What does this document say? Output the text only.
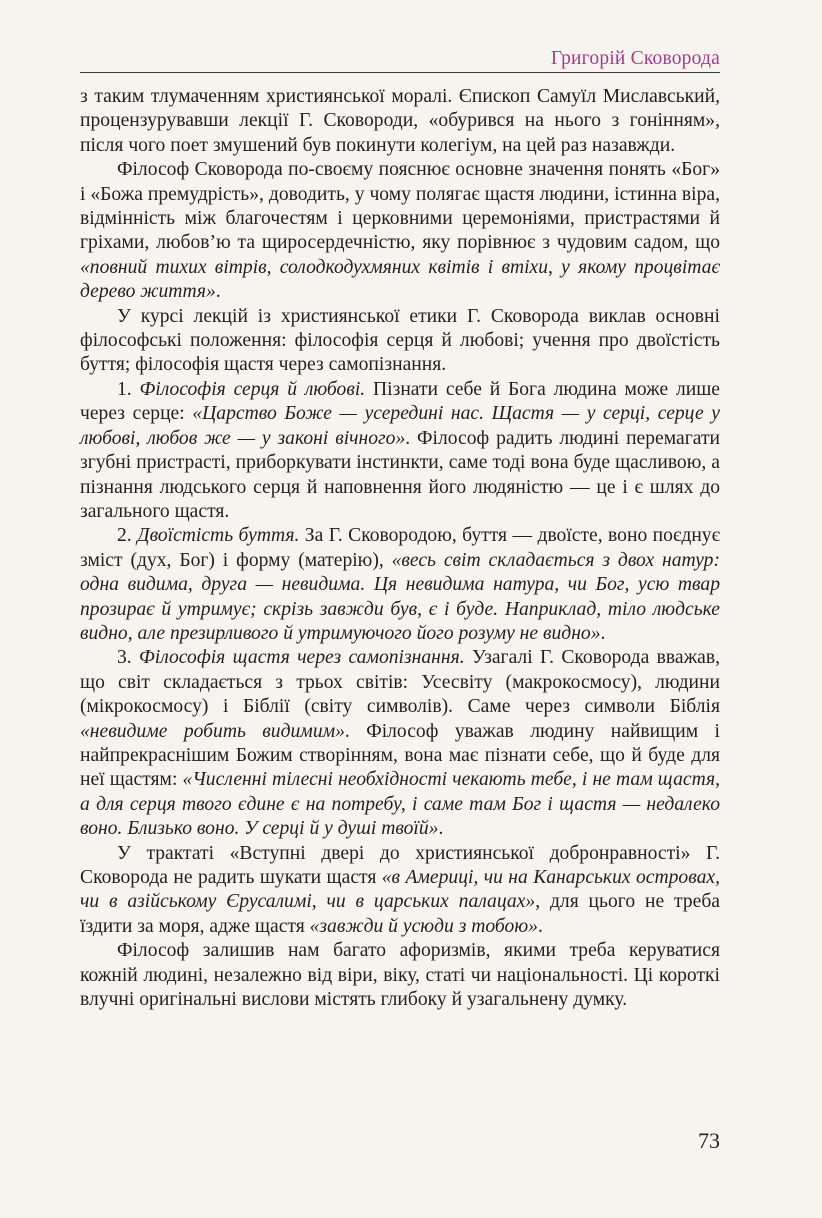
Григорій Сковорода

з таким тлумаченням християнської моралі. Єпископ Самуїл Миславський, процензурувавши лекції Г. Сковороди, «обурився на нього з гонінням», після чого поет змушений був покинути колегіум, на цей раз назавжди.

Філософ Сковорода по-своєму пояснює основне значення понять «Бог» і «Божа премудрість», доводить, у чому полягає щастя людини, істинна віра, відмінність між благочестям і церковними церемоніями, пристрастями й гріхами, любов’ю та щиросердечністю, яку порівнює з чудовим садом, що «повний тихих вітрів, солодкодухмяних квітів і втіхи, у якому процвітає дерево життя».

У курсі лекцій із християнської етики Г. Сковорода виклав основні філософські положення: філософія серця й любові; учення про двоїстість буття; філософія щастя через самопізнання.

1. Філософія серця й любові. Пізнати себе й Бога людина може лише через серце: «Царство Боже — усередині нас. Щастя — у серці, серце у любові, любов же — у законі вічного». Філософ радить людині перемагати згубні пристрасті, приборкувати інстинкти, саме тоді вона буде щасливою, а пізнання людського серця й наповнення його людяністю — це і є шлях до загального щастя.

2. Двоїстість буття. За Г. Сковородою, буття — двоїсте, воно поєднує зміст (дух, Бог) і форму (матерію), «весь світ складається з двох натур: одна видима, друга — невидима. Ця невидима натура, чи Бог, усю твар прозирає й утримує; скрізь завжди був, є і буде. Наприклад, тіло людське видно, але презирливого й утримуючого його розуму не видно».

3. Філософія щастя через самопізнання. Узагалі Г. Сковорода вважав, що світ складається з трьох світів: Усесвіту (макрокосмосу), людини (мікрокосмосу) і Біблії (світу символів). Саме через символи Біблія «невидиме робить видимим». Філософ уважав людину найвищим і найпрекраснішим Божим створінням, вона має пізнати себе, що й буде для неї щастям: «Численні тілесні необхідності чекають тебе, і не там щастя, а для серця твого єдине є на потребу, і саме там Бог і щастя — недалеко воно. Близько воно. У серці й у душі твоїй».

У трактаті «Вступні двері до християнської добронравності» Г. Сковорода не радить шукати щастя «в Америці, чи на Канарських островах, чи в азійському Єрусалимі, чи в царських палацах», для цього не треба їздити за моря, адже щастя «завжди й усюди з тобою».

Філософ залишив нам багато афоризмів, якими треба керуватися кожній людині, незалежно від віри, віку, статі чи національності. Ці короткі влучні оригінальні вислови містять глибоку й узагальнену думку.

73
